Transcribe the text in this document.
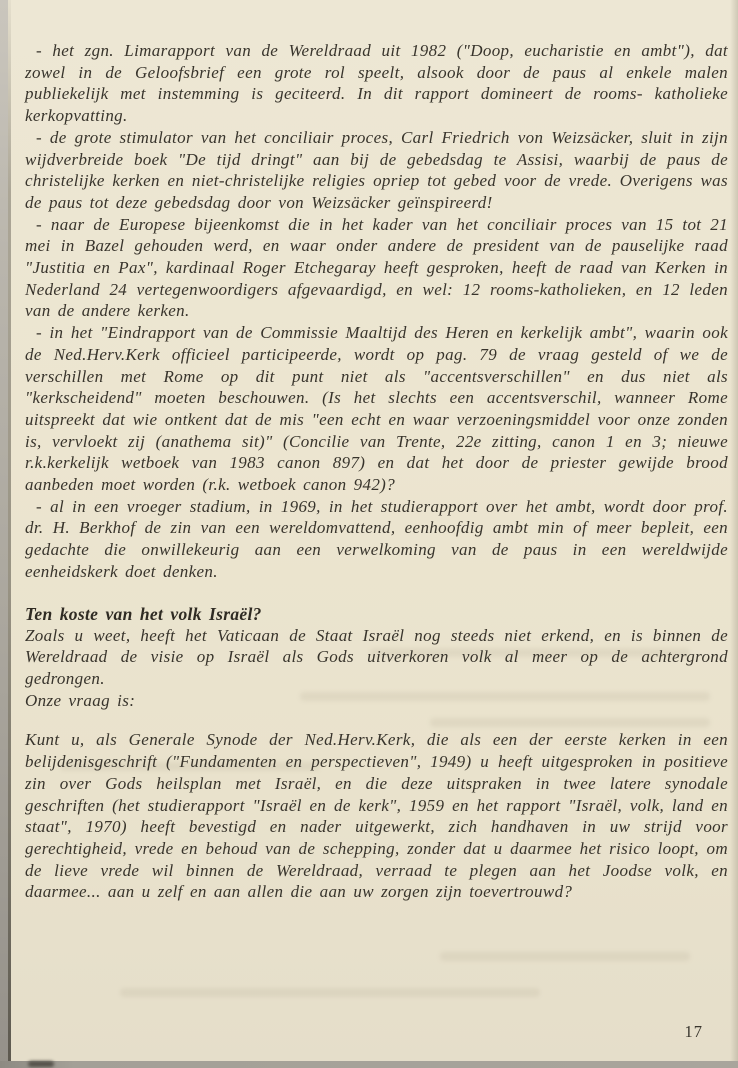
- het zgn. Limarapport van de Wereldraad uit 1982 ("Doop, eucharistie en ambt"), dat zowel in de Geloofsbrief een grote rol speelt, alsook door de paus al enkele malen publiekelijk met instemming is geciteerd. In dit rapport domineert de rooms- katholieke kerkopvatting.

- de grote stimulator van het conciliair proces, Carl Friedrich von Weizsäcker, sluit in zijn wijdverbreide boek "De tijd dringt" aan bij de gebedsdag te Assisi, waarbij de paus de christelijke kerken en niet-christelijke religies opriep tot gebed voor de vrede. Overigens was de paus tot deze gebedsdag door von Weizsäcker geïnspireerd!

- naar de Europese bijeenkomst die in het kader van het conciliair proces van 15 tot 21 mei in Bazel gehouden werd, en waar onder andere de president van de pauselijke raad "Justitia en Pax", kardinaal Roger Etchegaray heeft gesproken, heeft de raad van Kerken in Nederland 24 vertegenwoordigers afgevaardigd, en wel: 12 rooms-katholieken, en 12 leden van de andere kerken.

- in het "Eindrapport van de Commissie Maaltijd des Heren en kerkelijk ambt", waarin ook de Ned.Herv.Kerk officieel participeerde, wordt op pag. 79 de vraag gesteld of we de verschillen met Rome op dit punt niet als "accentsverschillen" en dus niet als "kerkscheidend" moeten beschouwen. (Is het slechts een accentsverschil, wanneer Rome uitspreekt dat wie ontkent dat de mis "een echt en waar verzoeningsmiddel voor onze zonden is, vervloekt zij (anathema sit)" (Concilie van Trente, 22e zitting, canon 1 en 3; nieuwe r.k.kerkelijk wetboek van 1983 canon 897) en dat het door de priester gewijde brood aanbeden moet worden (r.k. wetboek canon 942)?

- al in een vroeger stadium, in 1969, in het studierapport over het ambt, wordt door prof. dr. H. Berkhof de zin van een wereldomvattend, eenhoofdig ambt min of meer bepleit, een gedachte die onwillekeurig aan een verwelkoming van de paus in een wereldwijde eenheidskerk doet denken.

Ten koste van het volk Israël?

Zoals u weet, heeft het Vaticaan de Staat Israël nog steeds niet erkend, en is binnen de Wereldraad de visie op Israël als Gods uitverkoren volk al meer op de achtergrond gedrongen.

Onze vraag is:

Kunt u, als Generale Synode der Ned.Herv.Kerk, die als een der eerste kerken in een belijdenisgeschrift ("Fundamenten en perspectieven", 1949) u heeft uitgesproken in positieve zin over Gods heilsplan met Israël, en die deze uitspraken in twee latere synodale geschriften (het studierapport "Israël en de kerk", 1959 en het rapport "Israël, volk, land en staat", 1970) heeft bevestigd en nader uitgewerkt, zich handhaven in uw strijd voor gerechtigheid, vrede en behoud van de schepping, zonder dat u daarmee het risico loopt, om de lieve vrede wil binnen de Wereldraad, verraad te plegen aan het Joodse volk, en daarmee... aan u zelf en aan allen die aan uw zorgen zijn toevertrouwd?

17
